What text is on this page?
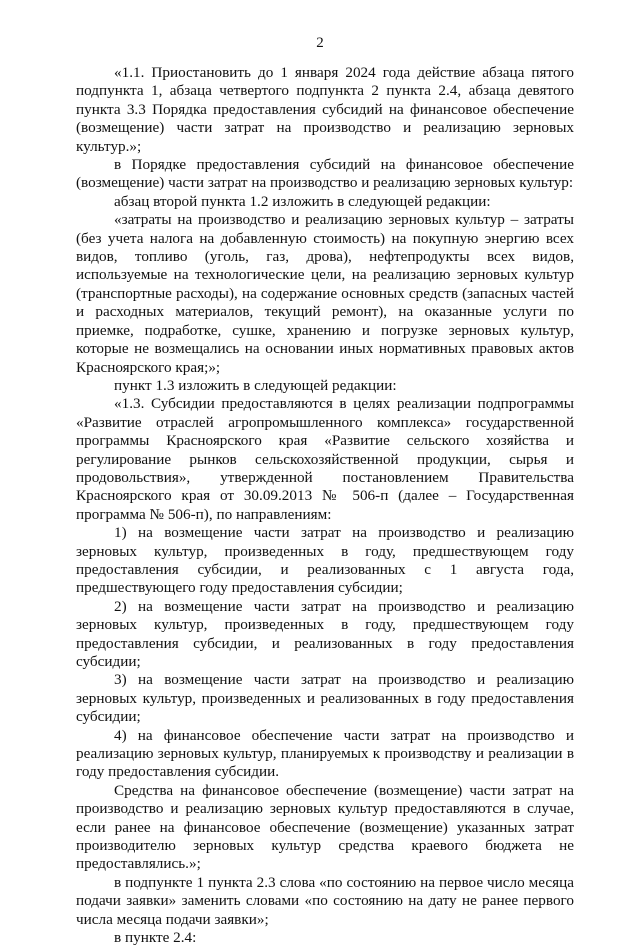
2

«1.1. Приостановить до 1 января 2024 года действие абзаца пятого подпункта 1, абзаца четвертого подпункта 2 пункта 2.4, абзаца девятого пункта 3.3 Порядка предоставления субсидий на финансовое обеспечение (возмещение) части затрат на производство и реализацию зерновых культур.»;

в Порядке предоставления субсидий на финансовое обеспечение (возмещение) части затрат на производство и реализацию зерновых культур:

абзац второй пункта 1.2 изложить в следующей редакции:

«затраты на производство и реализацию зерновых культур – затраты (без учета налога на добавленную стоимость) на покупную энергию всех видов, топливо (уголь, газ, дрова), нефтепродукты всех видов, используемые на технологические цели, на реализацию зерновых культур (транспортные расходы), на содержание основных средств (запасных частей и расходных материалов, текущий ремонт), на оказанные услуги по приемке, подработке, сушке, хранению и погрузке зерновых культур, которые не возмещались на основании иных нормативных правовых актов Красноярского края;»;

пункт 1.3 изложить в следующей редакции:

«1.3. Субсидии предоставляются в целях реализации подпрограммы «Развитие отраслей агропромышленного комплекса» государственной программы Красноярского края «Развитие сельского хозяйства и регулирование рынков сельскохозяйственной продукции, сырья и продовольствия», утвержденной постановлением Правительства Красноярского края от 30.09.2013 № 506-п (далее – Государственная программа № 506-п), по направлениям:

1) на возмещение части затрат на производство и реализацию зерновых культур, произведенных в году, предшествующем году предоставления субсидии, и реализованных с 1 августа года, предшествующего году предоставления субсидии;

2) на возмещение части затрат на производство и реализацию зерновых культур, произведенных в году, предшествующем году предоставления субсидии, и реализованных в году предоставления субсидии;

3) на возмещение части затрат на производство и реализацию зерновых культур, произведенных и реализованных в году предоставления субсидии;

4) на финансовое обеспечение части затрат на производство и реализацию зерновых культур, планируемых к производству и реализации в году предоставления субсидии.

Средства на финансовое обеспечение (возмещение) части затрат на производство и реализацию зерновых культур предоставляются в случае, если ранее на финансовое обеспечение (возмещение) указанных затрат производителю зерновых культур средства краевого бюджета не предоставлялись.»;

в подпункте 1 пункта 2.3 слова «по состоянию на первое число месяца подачи заявки» заменить словами «по состоянию на дату не ранее первого числа месяца подачи заявки»;

в пункте 2.4:
